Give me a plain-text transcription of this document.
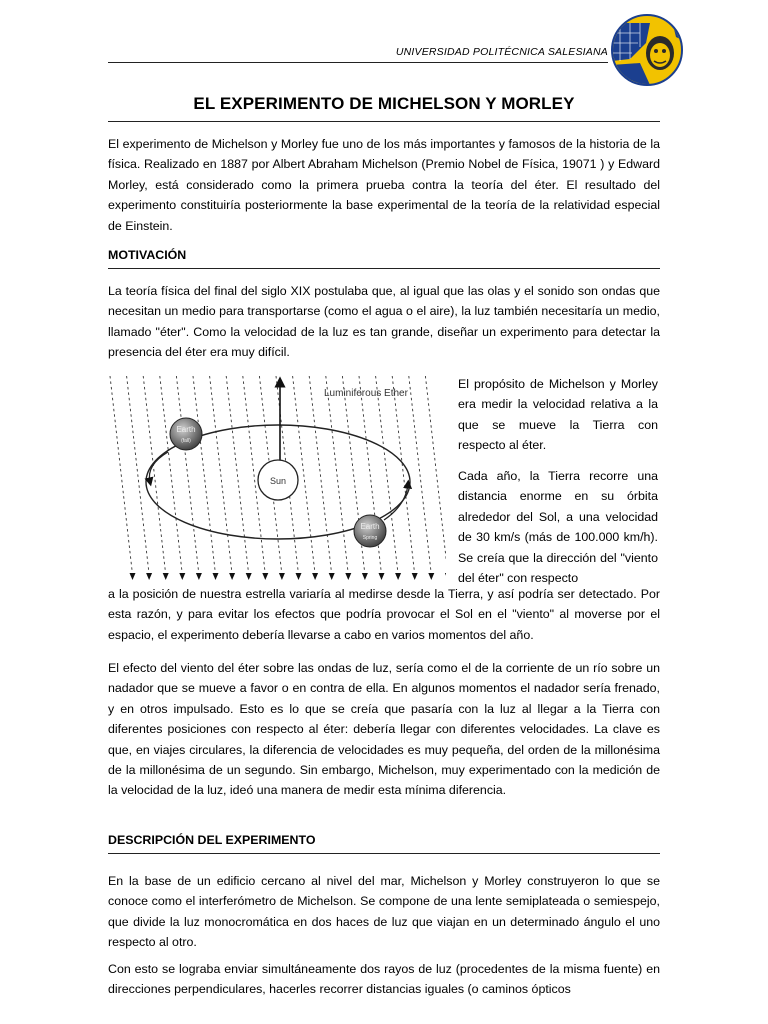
UNIVERSIDAD POLITÉCNICA SALESIANA
EL EXPERIMENTO DE MICHELSON Y MORLEY

El experimento de Michelson y Morley fue uno de los más importantes y famosos de la historia de la física. Realizado en 1887 por Albert Abraham Michelson (Premio Nobel de Física, 19071 ) y Edward Morley, está considerado como la primera prueba contra la teoría del éter. El resultado del experimento constituiría posteriormente la base experimental de la teoría de la relatividad especial de Einstein.

MOTIVACIÓN

La teoría física del final del siglo XIX postulaba que, al igual que las olas y el sonido son ondas que necesitan un medio para transportarse (como el agua o el aire), la luz también necesitaría un medio, llamado "éter". Como la velocidad de la luz es tan grande, diseñar un experimento para detectar la presencia del éter era muy difícil.

Luminiferous Ether
Sun
Earth
(fall)
Earth
Spring

El propósito de Michelson y Morley era medir la velocidad relativa a la que se mueve la Tierra con respecto al éter.

Cada año, la Tierra recorre una distancia enorme en su órbita alrededor del Sol, a una velocidad de 30 km/s (más de 100.000 km/h). Se creía que la dirección del "viento del éter" con respecto

a la posición de nuestra estrella variaría al medirse desde la Tierra, y así podría ser detectado. Por esta razón, y para evitar los efectos que podría provocar el Sol en el "viento" al moverse por el espacio, el experimento debería llevarse a cabo en varios momentos del año.

El efecto del viento del éter sobre las ondas de luz, sería como el de la corriente de un río sobre un nadador que se mueve a favor o en contra de ella. En algunos momentos el nadador sería frenado, y en otros impulsado. Esto es lo que se creía que pasaría con la luz al llegar a la Tierra con diferentes posiciones con respecto al éter: debería llegar con diferentes velocidades. La clave es que, en viajes circulares, la diferencia de velocidades es muy pequeña, del orden de la millonésima de la millonésima de un segundo. Sin embargo, Michelson, muy experimentado con la medición de la velocidad de la luz, ideó una manera de medir esta mínima diferencia.

DESCRIPCIÓN DEL EXPERIMENTO

En la base de un edificio cercano al nivel del mar, Michelson y Morley construyeron lo que se conoce como el interferómetro de Michelson. Se compone de una lente semiplateada o semiespejo, que divide la luz monocromática en dos haces de luz que viajan en un determinado ángulo el uno respecto al otro.

Con esto se lograba enviar simultáneamente dos rayos de luz (procedentes de la misma fuente) en direcciones perpendiculares, hacerles recorrer distancias iguales (o caminos ópticos
